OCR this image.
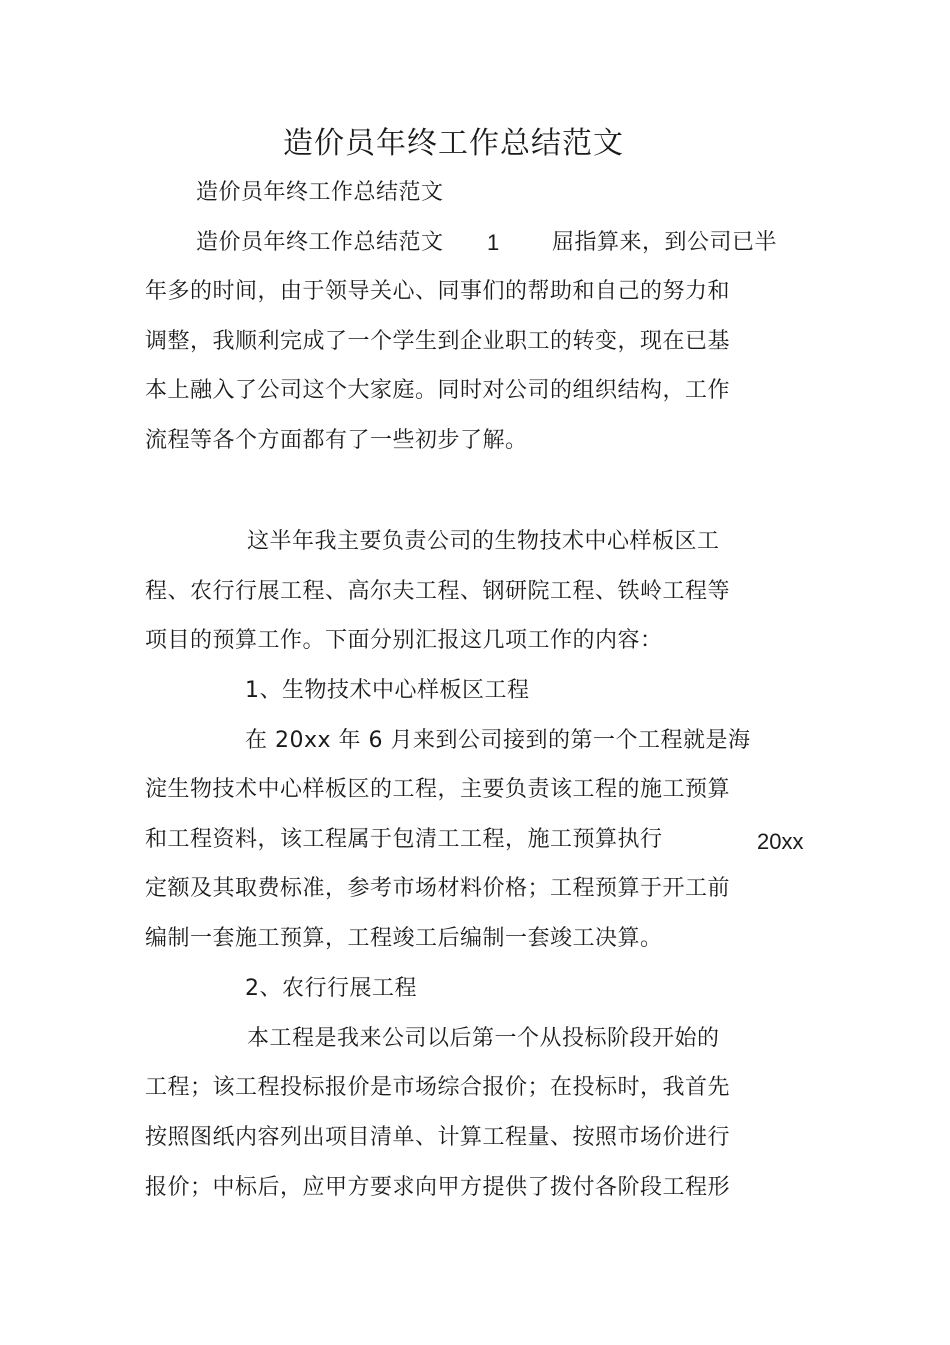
造价员年终工作总结范文
造价员年终工作总结范文
造价员年终工作总结范文 1 屈指算来，到公司已半
年多的时间，由于领导关心、同事们的帮助和自己的努力和
调整，我顺利完成了一个学生到企业职工的转变，现在已基
本上融入了公司这个大家庭。同时对公司的组织结构，工作
流程等各个方面都有了一些初步了解。
这半年我主要负责公司的生物技术中心样板区工
程、农行行展工程、高尔夫工程、钢研院工程、铁岭工程等
项目的预算工作。下面分别汇报这几项工作的内容：
1、生物技术中心样板区工程
在 20xx 年 6 月来到公司接到的第一个工程就是海
淀生物技术中心样板区的工程，主要负责该工程的施工预算
和工程资料，该工程属于包清工工程，施工预算执行	20xx
定额及其取费标准，参考市场材料价格；工程预算于开工前
编制一套施工预算，工程竣工后编制一套竣工决算。
2、农行行展工程
本工程是我来公司以后第一个从投标阶段开始的
工程；该工程投标报价是市场综合报价；在投标时，我首先
按照图纸内容列出项目清单、计算工程量、按照市场价进行
报价；中标后，应甲方要求向甲方提供了拨付各阶段工程形
